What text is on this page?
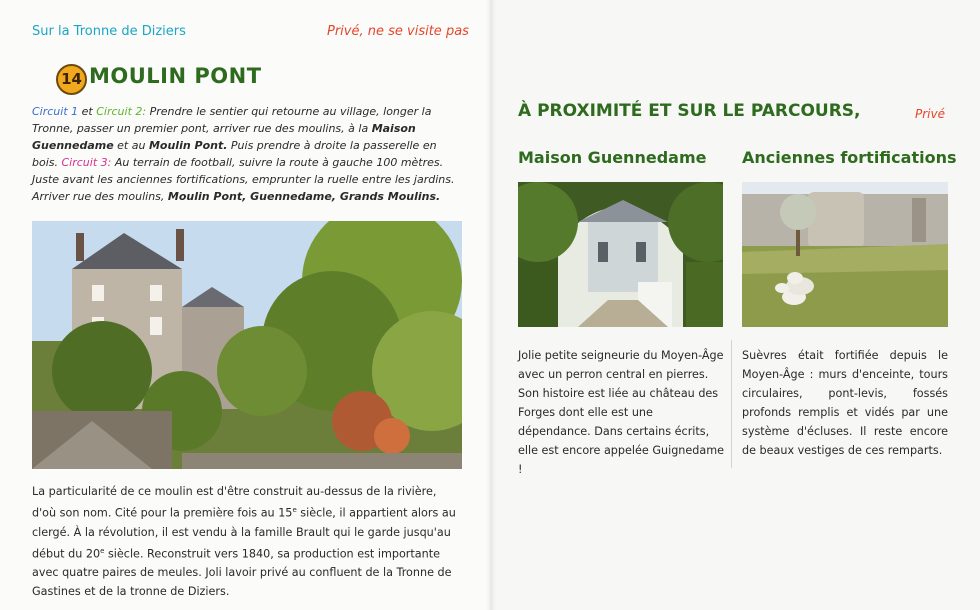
Sur la Tronne de Diziers	Privé, ne se visite pas
14 MOULIN PONT
Circuit 1 et Circuit 2: Prendre le sentier qui retourne au village, longer la Tronne, passer un premier pont, arriver rue des moulins, à la Maison Guennedame et au Moulin Pont. Puis prendre à droite la passerelle en bois. Circuit 3: Au terrain de football, suivre la route à gauche 100 mètres. Juste avant les anciennes fortifications, emprunter la ruelle entre les jardins. Arriver rue des moulins, Moulin Pont, Guennedame, Grands Moulins.
La particularité de ce moulin est d'être construit au-dessus de la rivière, d'où son nom. Cité pour la première fois au 15e siècle, il appartient alors au clergé. À la révolution, il est vendu à la famille Brault qui le garde jusqu'au début du 20e siècle. Reconstruit vers 1840, sa production est importante avec quatre paires de meules. Joli lavoir privé au confluent de la Tronne de Gastines et de la tronne de Diziers.
À PROXIMITÉ ET SUR LE PARCOURS,	Privé
Maison Guennedame Anciennes fortifications
Jolie petite seigneurie du Moyen-Âge avec un perron central en pierres. Son histoire est liée au château des Forges dont elle est une dépendance. Dans certains écrits, elle est encore appelée Guignedame !
Suèvres était fortifiée depuis le Moyen-Âge : murs d'enceinte, tours circulaires, pont-levis, fossés profonds remplis et vidés par une système d'écluses. Il reste encore de beaux vestiges de ces remparts.
